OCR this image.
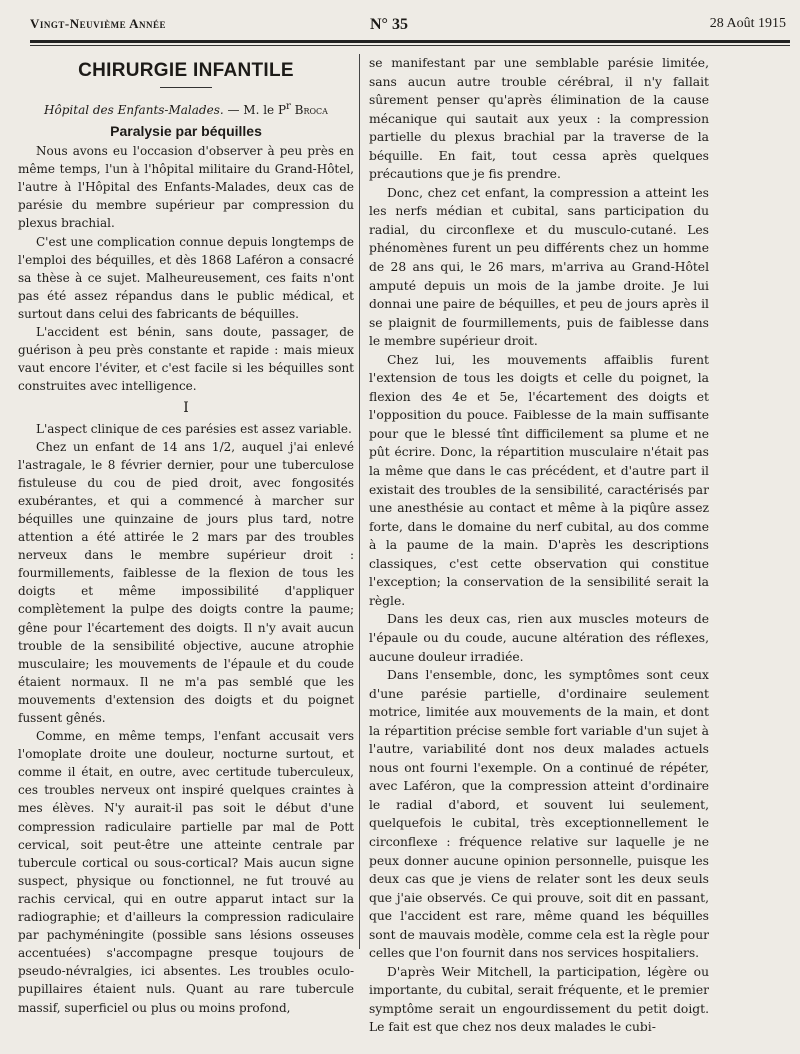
Vingt-Neuvième Année	N° 35	28 Août 1915
CHIRURGIE INFANTILE
Hôpital des Enfants-Malades. — M. le $P^r$ Broca
Paralysie par béquilles

Nous avons eu l'occasion d'observer à peu près en même temps, l'un à l'hôpital militaire du Grand-Hôtel, l'autre à l'Hôpital des Enfants-Malades, deux cas de parésie du membre supérieur par compression du plexus brachial.

C'est une complication connue depuis longtemps de l'emploi des béquilles, et dès 1868 Laféron a consacré sa thèse à ce sujet. Malheureusement, ces faits n'ont pas été assez répandus dans le public médical, et surtout dans celui des fabricants de béquilles.

L'accident est bénin, sans doute, passager, de guérison à peu près constante et rapide : mais mieux vaut encore l'éviter, et c'est facile si les béquilles sont construites avec intelligence.

I

L'aspect clinique de ces parésies est assez variable.

Chez un enfant de 14 ans 1/2, auquel j'ai enlevé l'astragale, le 8 février dernier, pour une tuberculose fistuleuse du cou de pied droit, avec fongosités exubérantes, et qui a commencé à marcher sur béquilles une quinzaine de jours plus tard, notre attention a été attirée le 2 mars par des troubles nerveux dans le membre supérieur droit : fourmillements, faiblesse de la flexion de tous les doigts et même impossibilité d'appliquer complètement la pulpe des doigts contre la paume; gêne pour l'écartement des doigts. Il n'y avait aucun trouble de la sensibilité objective, aucune atrophie musculaire; les mouvements de l'épaule et du coude étaient normaux. Il ne m'a pas semblé que les mouvements d'extension des doigts et du poignet fussent gênés.

Comme, en même temps, l'enfant accusait vers l'omoplate droite une douleur, nocturne surtout, et comme il était, en outre, avec certitude tuberculeux, ces troubles nerveux ont inspiré quelques craintes à mes élèves. N'y aurait-il pas soit le début d'une compression radiculaire partielle par mal de Pott cervical, soit peut-être une atteinte centrale par tubercule cortical ou sous-cortical? Mais aucun signe suspect, physique ou fonctionnel, ne fut trouvé au rachis cervical, qui en outre apparut intact sur la radiographie; et d'ailleurs la compression radiculaire par pachyméningite (possible sans lésions osseuses accentuées) s'accompagne presque toujours de pseudo-névralgies, ici absentes. Les troubles oculo-pupillaires étaient nuls. Quant au rare tubercule massif, superficiel ou plus ou moins profond,

se manifestant par une semblable parésie limitée, sans aucun autre trouble cérébral, il n'y fallait sûrement penser qu'après élimination de la cause mécanique qui sautait aux yeux : la compression partielle du plexus brachial par la traverse de la béquille. En fait, tout cessa après quelques précautions que je fis prendre.

Donc, chez cet enfant, la compression a atteint les les nerfs médian et cubital, sans participation du radial, du circonflexe et du musculo-cutané. Les phénomènes furent un peu différents chez un homme de 28 ans qui, le 26 mars, m'arriva au Grand-Hôtel amputé depuis un mois de la jambe droite. Je lui donnai une paire de béquilles, et peu de jours après il se plaignit de fourmillements, puis de faiblesse dans le membre supérieur droit.

Chez lui, les mouvements affaiblis furent l'extension de tous les doigts et celle du poignet, la flexion des 4e et 5e, l'écartement des doigts et l'opposition du pouce. Faiblesse de la main suffisante pour que le blessé tînt difficilement sa plume et ne pût écrire. Donc, la répartition musculaire n'était pas la même que dans le cas précédent, et d'autre part il existait des troubles de la sensibilité, caractérisés par une anesthésie au contact et même à la piqûre assez forte, dans le domaine du nerf cubital, au dos comme à la paume de la main. D'après les descriptions classiques, c'est cette observation qui constitue l'exception; la conservation de la sensibilité serait la règle.

Dans les deux cas, rien aux muscles moteurs de l'épaule ou du coude, aucune altération des réflexes, aucune douleur irradiée.

Dans l'ensemble, donc, les symptômes sont ceux d'une parésie partielle, d'ordinaire seulement motrice, limitée aux mouvements de la main, et dont la répartition précise semble fort variable d'un sujet à l'autre, variabilité dont nos deux malades actuels nous ont fourni l'exemple. On a continué de répéter, avec Laféron, que la compression atteint d'ordinaire le radial d'abord, et souvent lui seulement, quelquefois le cubital, très exceptionnellement le circonflexe : fréquence relative sur laquelle je ne peux donner aucune opinion personnelle, puisque les deux cas que je viens de relater sont les deux seuls que j'aie observés. Ce qui prouve, soit dit en passant, que l'accident est rare, même quand les béquilles sont de mauvais modèle, comme cela est la règle pour celles que l'on fournit dans nos services hospitaliers.

D'après Weir Mitchell, la participation, légère ou importante, du cubital, serait fréquente, et le premier symptôme serait un engourdissement du petit doigt. Le fait est que chez nos deux malades le cubi-
